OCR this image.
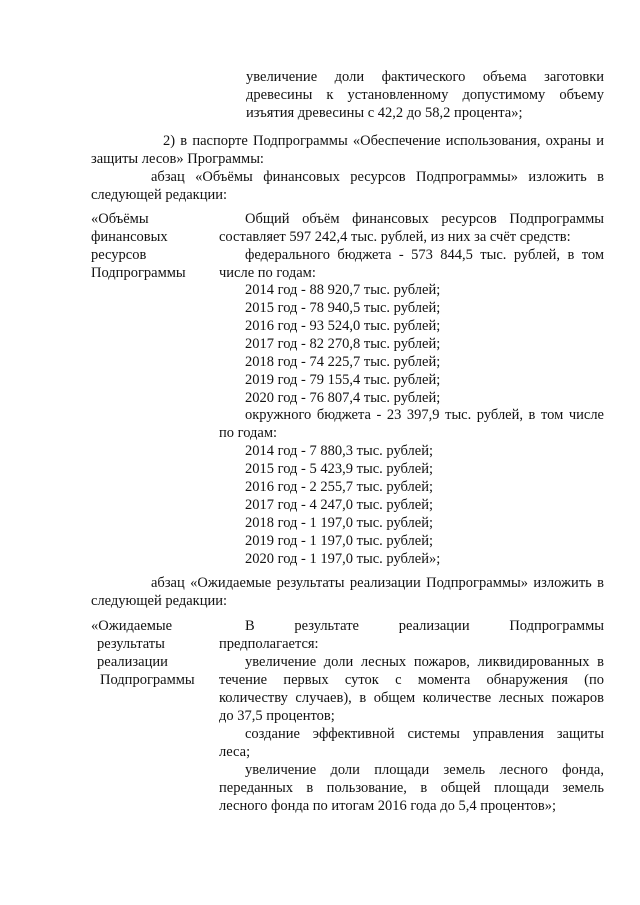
увеличение доли фактического объема заготовки
древесины к установленному допустимому объему
изъятия древесины с 42,2 до 58,2 процента»;
2) в паспорте Подпрограммы «Обеспечение использования, охраны и
защиты лесов» Программы:
абзац «Объёмы финансовых ресурсов Подпрограммы» изложить в
следующей редакции:
«Объёмы
финансовых
ресурсов
Подпрограммы
Общий объём финансовых ресурсов Подпрограммы
составляет 597 242,4 тыс. рублей, из них за счёт средств:
федерального бюджета - 573 844,5 тыс. рублей, в том
числе по годам:
2014 год - 88 920,7 тыс. рублей;
2015 год - 78 940,5 тыс. рублей;
2016 год - 93 524,0 тыс. рублей;
2017 год - 82 270,8 тыс. рублей;
2018 год - 74 225,7 тыс. рублей;
2019 год - 79 155,4 тыс. рублей;
2020 год - 76 807,4 тыс. рублей;
окружного бюджета - 23 397,9 тыс. рублей, в том числе
по годам:
2014 год - 7 880,3 тыс. рублей;
2015 год - 5 423,9 тыс. рублей;
2016 год - 2 255,7 тыс. рублей;
2017 год - 4 247,0 тыс. рублей;
2018 год - 1 197,0 тыс. рублей;
2019 год - 1 197,0 тыс. рублей;
2020 год - 1 197,0 тыс. рублей»;
абзац «Ожидаемые результаты реализации Подпрограммы» изложить в
следующей редакции:
«Ожидаемые
результаты
реализации
Подпрограммы
В результате реализации Подпрограммы
предполагается:
увеличение доли лесных пожаров, ликвидированных в
течение первых суток с момента обнаружения (по
количеству случаев), в общем количестве лесных пожаров
до 37,5 процентов;
создание эффективной системы управления защиты
леса;
увеличение доли площади земель лесного фонда,
переданных в пользование, в общей площади земель
лесного фонда по итогам 2016 года до 5,4 процентов»;
